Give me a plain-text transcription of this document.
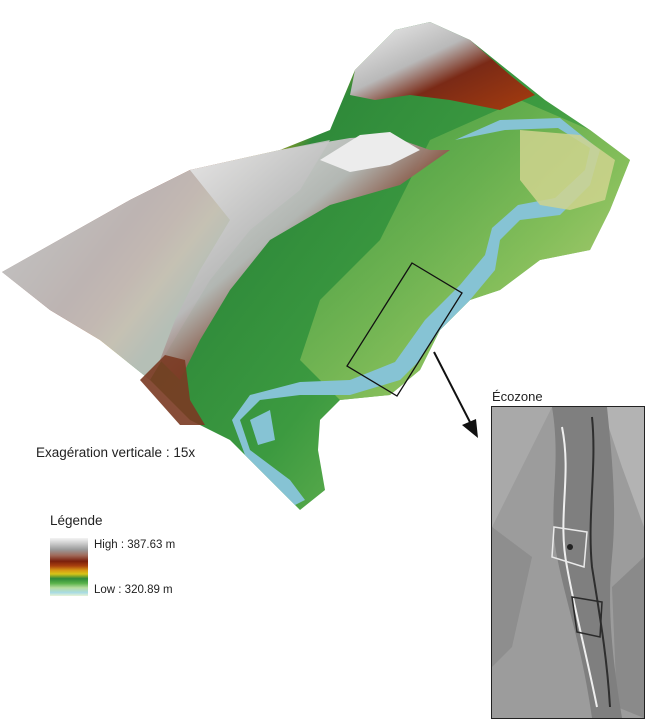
Exagération verticale : 15x
Légende
High : 387.63 m
Low : 320.89 m
Écozone
